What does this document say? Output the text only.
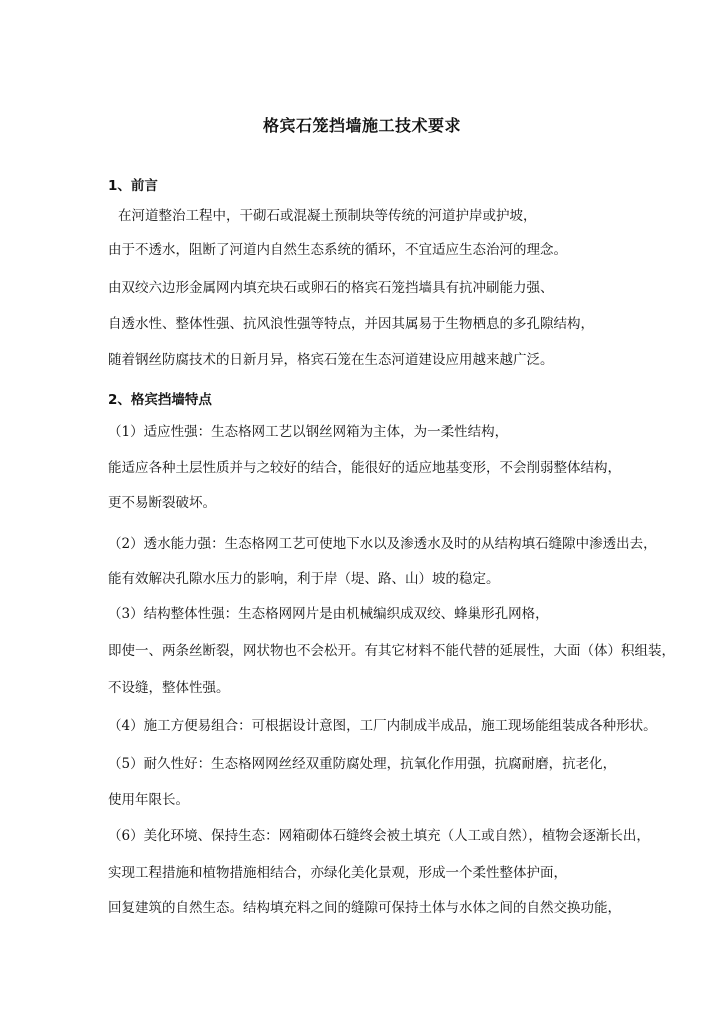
格宾石笼挡墙施工技术要求
1、前言
在河道整治工程中，干砌石或混凝土预制块等传统的河道护岸或护坡，
由于不透水，阻断了河道内自然生态系统的循环，不宜适应生态治河的理念。
由双绞六边形金属网内填充块石或卵石的格宾石笼挡墙具有抗冲刷能力强、
自透水性、整体性强、抗风浪性强等特点，并因其属易于生物栖息的多孔隙结构，
随着钢丝防腐技术的日新月异，格宾石笼在生态河道建设应用越来越广泛。
2、格宾挡墙特点
（1）适应性强：生态格网工艺以钢丝网箱为主体，为一柔性结构，
能适应各种土层性质并与之较好的结合，能很好的适应地基变形，不会削弱整体结构，
更不易断裂破坏。
（2）透水能力强：生态格网工艺可使地下水以及渗透水及时的从结构填石缝隙中渗透出去，
能有效解决孔隙水压力的影响，利于岸（堤、路、山）坡的稳定。
（3）结构整体性强：生态格网网片是由机械编织成双绞、蜂巢形孔网格，
即使一、两条丝断裂，网状物也不会松开。有其它材料不能代替的延展性，大面（体）积组装，
不设缝，整体性强。
（4）施工方便易组合：可根据设计意图，工厂内制成半成品，施工现场能组装成各种形状。
（5）耐久性好：生态格网网丝经双重防腐处理，抗氧化作用强，抗腐耐磨，抗老化，
使用年限长。
（6）美化环境、保持生态：网箱砌体石缝终会被土填充（人工或自然），植物会逐渐长出，
实现工程措施和植物措施相结合，亦绿化美化景观，形成一个柔性整体护面，
回复建筑的自然生态。结构填充料之间的缝隙可保持土体与水体之间的自然交换功能，
